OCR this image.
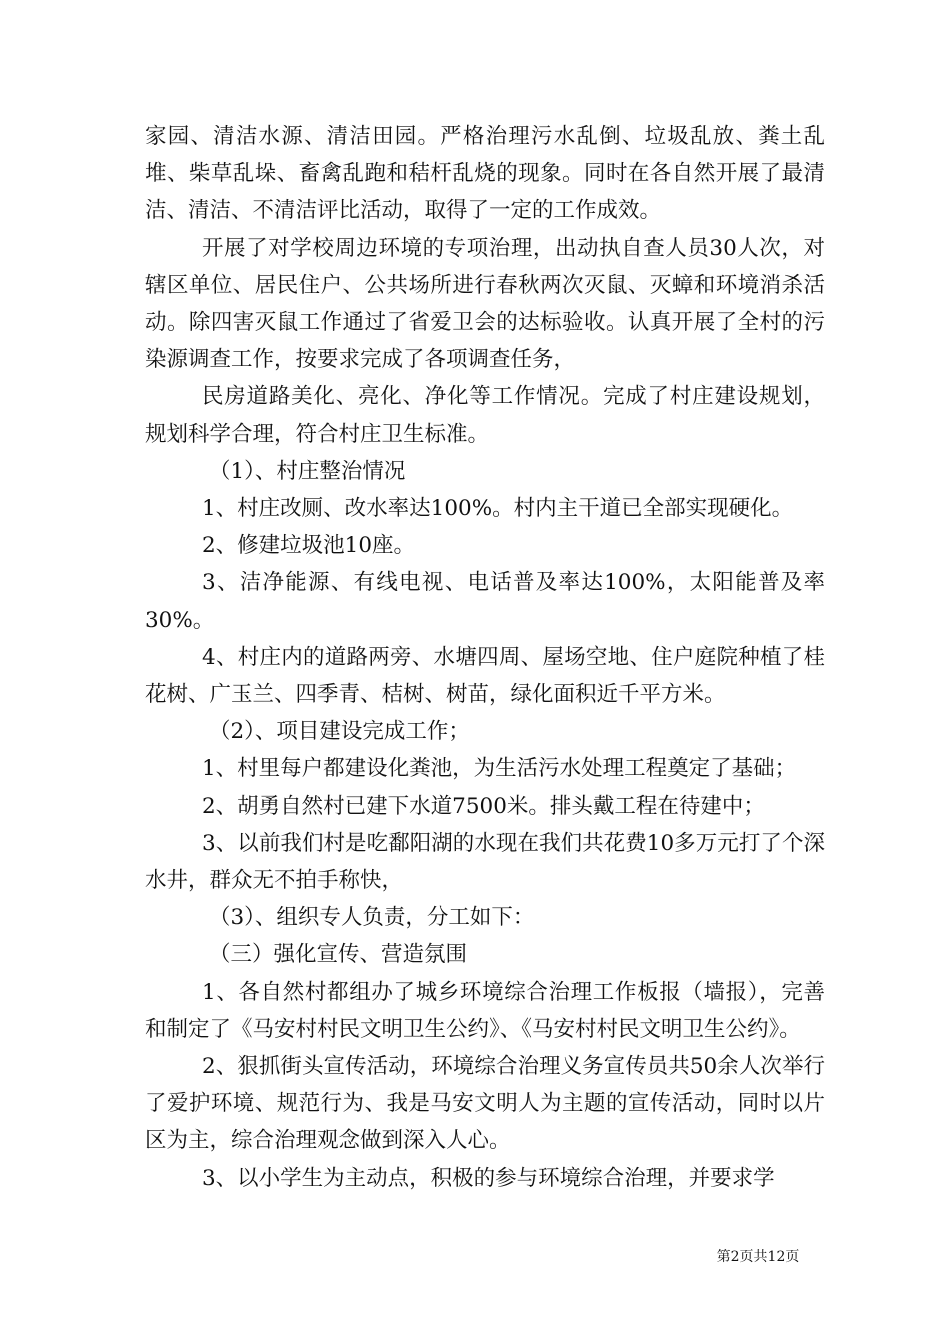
家园、清洁水源、清洁田园。严格治理污水乱倒、垃圾乱放、粪土乱堆、柴草乱垛、畜禽乱跑和秸杆乱烧的现象。同时在各自然开展了最清洁、清洁、不清洁评比活动，取得了一定的工作成效。

开展了对学校周边环境的专项治理，出动执自查人员30人次，对辖区单位、居民住户、公共场所进行春秋两次灭鼠、灭蟑和环境消杀活动。除四害灭鼠工作通过了省爱卫会的达标验收。认真开展了全村的污染源调查工作，按要求完成了各项调查任务，

民房道路美化、亮化、净化等工作情况。完成了村庄建设规划，规划科学合理，符合村庄卫生标准。

（1）、村庄整治情况

1、村庄改厕、改水率达100%。村内主干道已全部实现硬化。

2、修建垃圾池10座。

3、洁净能源、有线电视、电话普及率达100%，太阳能普及率30%。

4、村庄内的道路两旁、水塘四周、屋场空地、住户庭院种植了桂花树、广玉兰、四季青、桔树、树苗，绿化面积近千平方米。

（2）、项目建设完成工作；

1、村里每户都建设化粪池，为生活污水处理工程奠定了基础；

2、胡勇自然村已建下水道7500米。排头戴工程在待建中；

3、以前我们村是吃鄱阳湖的水现在我们共花费10多万元打了个深水井，群众无不拍手称快，

（3）、组织专人负责，分工如下：

（三）强化宣传、营造氛围

1、各自然村都组办了城乡环境综合治理工作板报（墙报），完善和制定了《马安村村民文明卫生公约》、《马安村村民文明卫生公约》。

2、狠抓街头宣传活动，环境综合治理义务宣传员共50余人次举行了爱护环境、规范行为、我是马安文明人为主题的宣传活动，同时以片区为主，综合治理观念做到深入人心。

3、以小学生为主动点，积极的参与环境综合治理，并要求学

第2页共12页
